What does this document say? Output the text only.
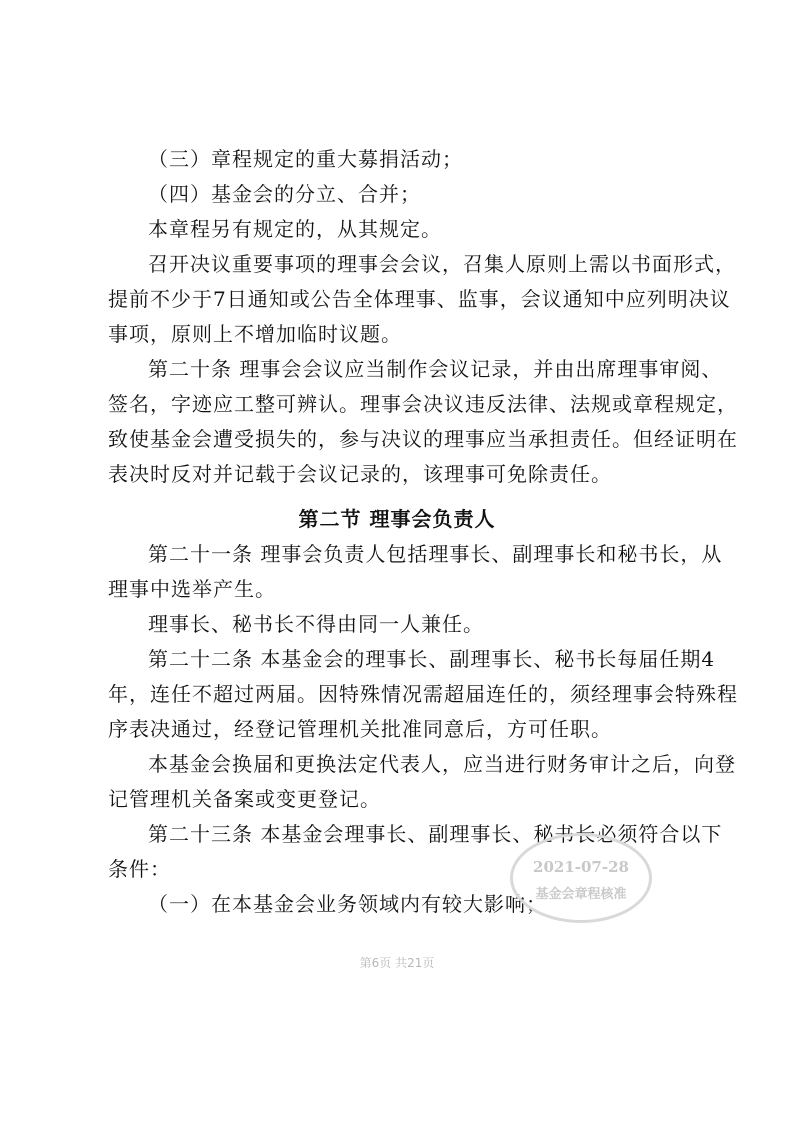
（三）章程规定的重大募捐活动；

（四）基金会的分立、合并；

本章程另有规定的，从其规定。

召开决议重要事项的理事会会议，召集人原则上需以书面形式，

提前不少于7日通知或公告全体理事、监事，会议通知中应列明决议

事项，原则上不增加临时议题。

第二十条 理事会会议应当制作会议记录，并由出席理事审阅、

签名，字迹应工整可辨认。理事会决议违反法律、法规或章程规定，

致使基金会遭受损失的，参与决议的理事应当承担责任。但经证明在

表决时反对并记载于会议记录的，该理事可免除责任。

第二节 理事会负责人

第二十一条 理事会负责人包括理事长、副理事长和秘书长，从

理事中选举产生。

理事长、秘书长不得由同一人兼任。

第二十二条 本基金会的理事长、副理事长、秘书长每届任期4

年，连任不超过两届。因特殊情况需超届连任的，须经理事会特殊程

序表决通过，经登记管理机关批准同意后，方可任职。

本基金会换届和更换法定代表人，应当进行财务审计之后，向登

记管理机关备案或变更登记。

第二十三条 本基金会理事长、副理事长、秘书长必须符合以下

条件：

（一）在本基金会业务领域内有较大影响；

2021-07-28
基金会章程核准
第6页 共21页
